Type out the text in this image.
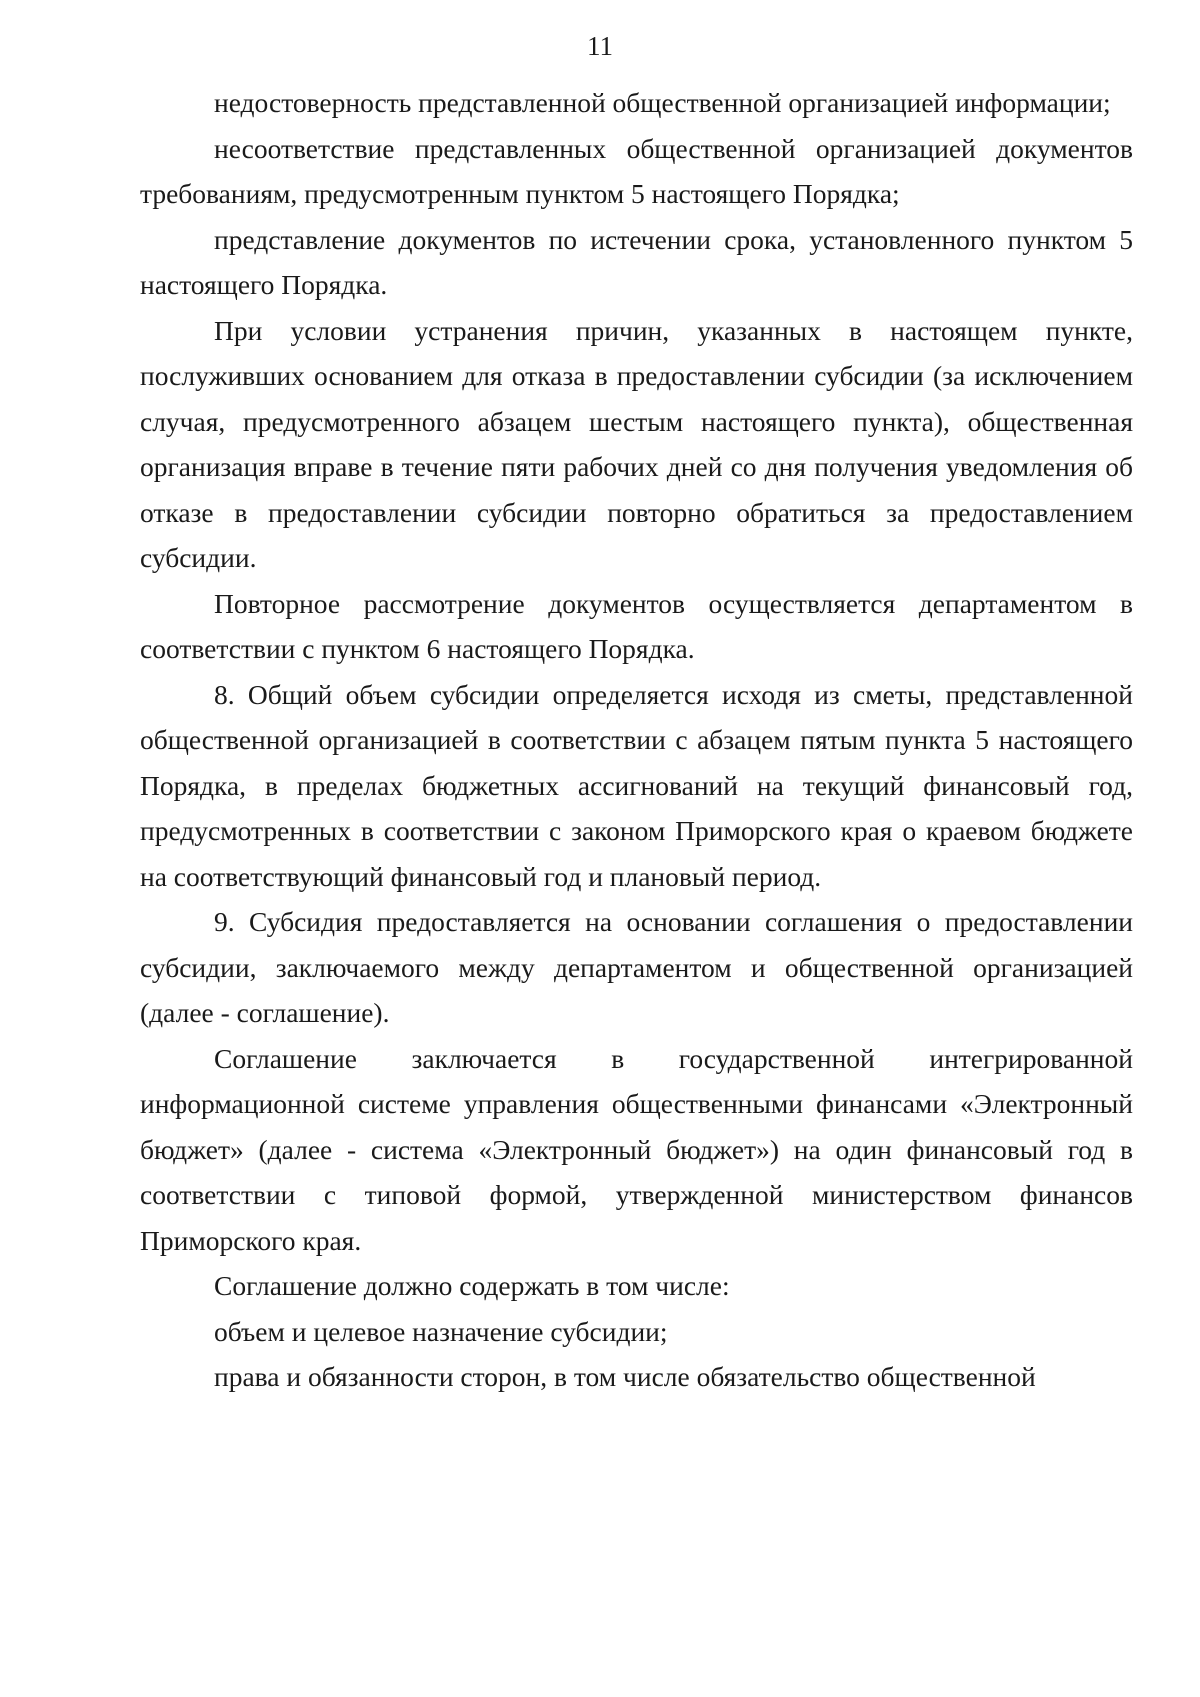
11

недостоверность представленной общественной организацией информации;

несоответствие представленных общественной организацией документов требованиям, предусмотренным пунктом 5 настоящего Порядка;

представление документов по истечении срока, установленного пунктом 5 настоящего Порядка.

При условии устранения причин, указанных в настоящем пункте, послуживших основанием для отказа в предоставлении субсидии (за исключением случая, предусмотренного абзацем шестым настоящего пункта), общественная организация вправе в течение пяти рабочих дней со дня получения уведомления об отказе в предоставлении субсидии повторно обратиться за предоставлением субсидии.

Повторное рассмотрение документов осуществляется департаментом в соответствии с пунктом 6 настоящего Порядка.

8. Общий объем субсидии определяется исходя из сметы, представленной общественной организацией в соответствии с абзацем пятым пункта 5 настоящего Порядка, в пределах бюджетных ассигнований на текущий финансовый год, предусмотренных в соответствии с законом Приморского края о краевом бюджете на соответствующий финансовый год и плановый период.

9. Субсидия предоставляется на основании соглашения о предоставлении субсидии, заключаемого между департаментом и общественной организацией (далее - соглашение).

Соглашение заключается в государственной интегрированной информационной системе управления общественными финансами «Электронный бюджет» (далее - система «Электронный бюджет») на один финансовый год в соответствии с типовой формой, утвержденной министерством финансов Приморского края.

Соглашение должно содержать в том числе:

объем и целевое назначение субсидии;

права и обязанности сторон, в том числе обязательство общественной
